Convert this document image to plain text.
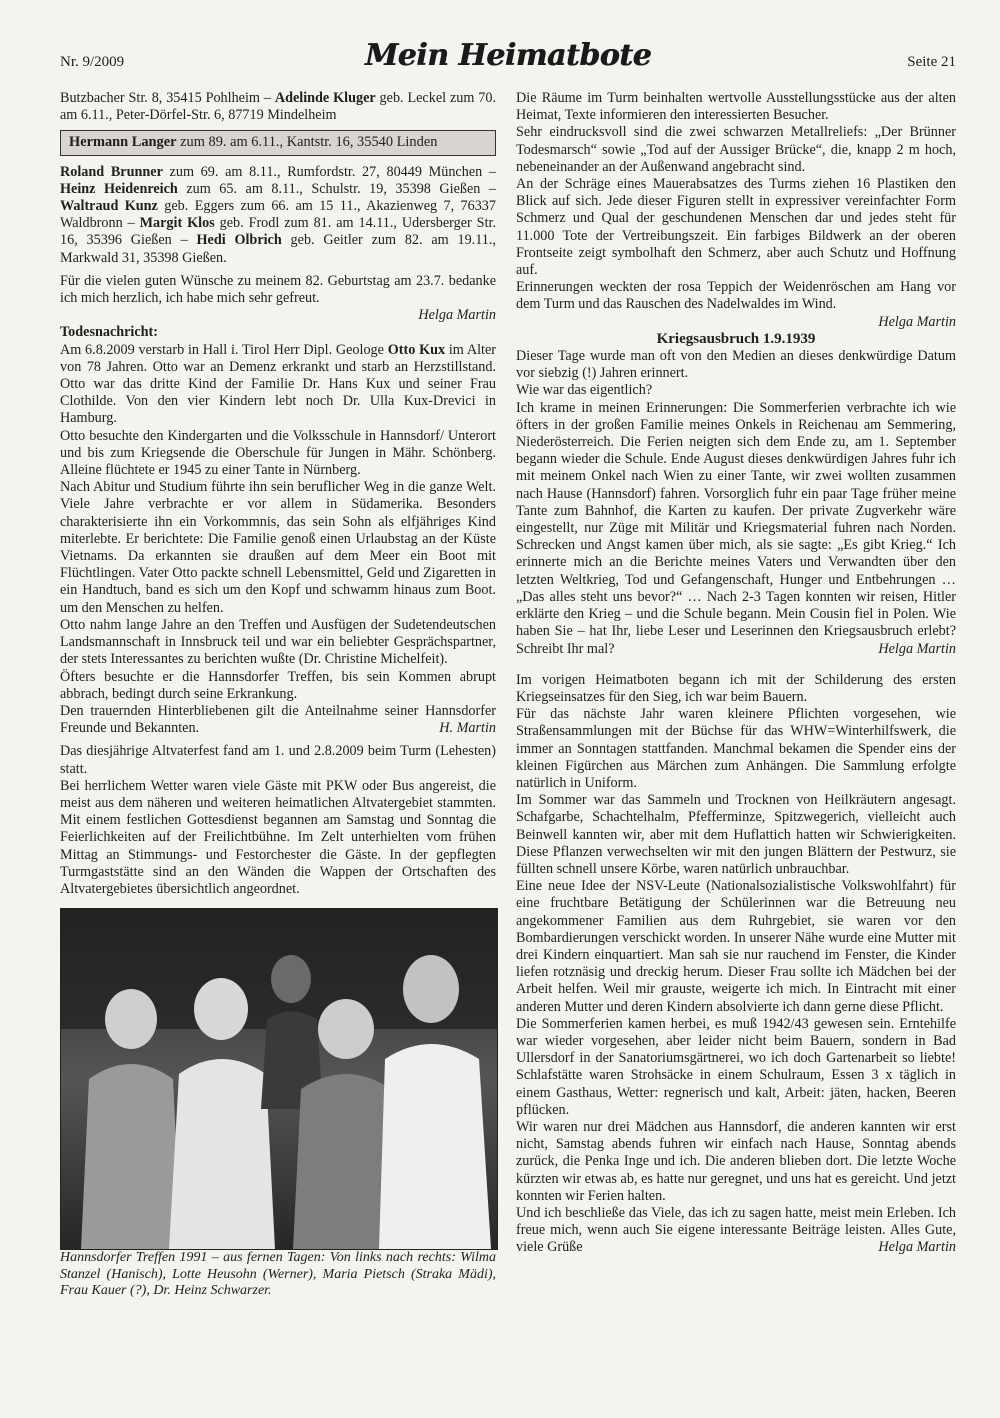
Nr. 9/2009	Mein Heimatbote	Seite 21

Butzbacher Str. 8, 35415 Pohlheim – Adelinde Kluger geb. Leckel zum 70. am 6.11., Peter-Dörfel-Str. 6, 87719 Mindelheim

Hermann Langer zum 89. am 6.11., Kantstr. 16, 35540 Linden

Roland Brunner zum 69. am 8.11., Rumfordstr. 27, 80449 München – Heinz Heidenreich zum 65. am 8.11., Schulstr. 19, 35398 Gießen – Waltraud Kunz geb. Eggers zum 66. am 15 11., Akazienweg 7, 76337 Waldbronn – Margit Klos geb. Frodl zum 81. am 14.11., Udersberger Str. 16, 35396 Gießen – Hedi Olbrich geb. Geitler zum 82. am 19.11., Markwald 31, 35398 Gießen.

Für die vielen guten Wünsche zu meinem 82. Geburtstag am 23.7. bedanke ich mich herzlich, ich habe mich sehr gefreut.

Helga Martin

Todesnachricht:

Am 6.8.2009 verstarb in Hall i. Tirol Herr Dipl. Geologe Otto Kux im Alter von 78 Jahren. Otto war an Demenz erkrankt und starb an Herzstillstand. Otto war das dritte Kind der Familie Dr. Hans Kux und seiner Frau Clothilde. Von den vier Kindern lebt noch Dr. Ulla Kux-Drevici in Hamburg.

Otto besuchte den Kindergarten und die Volksschule in Hannsdorf/ Unterort und bis zum Kriegsende die Oberschule für Jungen in Mähr. Schönberg. Alleine flüchtete er 1945 zu einer Tante in Nürnberg.

Nach Abitur und Studium führte ihn sein beruflicher Weg in die ganze Welt. Viele Jahre verbrachte er vor allem in Südamerika. Besonders charakterisierte ihn ein Vorkommnis, das sein Sohn als elfjähriges Kind miterlebte. Er berichtete: Die Familie genoß einen Urlaubstag an der Küste Vietnams. Da erkannten sie draußen auf dem Meer ein Boot mit Flüchtlingen. Vater Otto packte schnell Lebensmittel, Geld und Zigaretten in ein Handtuch, band es sich um den Kopf und schwamm hinaus zum Boot. um den Menschen zu helfen.

Otto nahm lange Jahre an den Treffen und Ausfügen der Sudetendeutschen Landsmannschaft in Innsbruck teil und war ein beliebter Gesprächspartner, der stets Interessantes zu berichten wußte (Dr. Christine Michelfeit).

Öfters besuchte er die Hannsdorfer Treffen, bis sein Kommen abrupt abbrach, bedingt durch seine Erkrankung.

Den trauernden Hinterbliebenen gilt die Anteilnahme seiner Hannsdorfer Freunde und Bekannten.	H. Martin

Das diesjährige Altvaterfest fand am 1. und 2.8.2009 beim Turm (Lehesten) statt.

Bei herrlichem Wetter waren viele Gäste mit PKW oder Bus angereist, die meist aus dem näheren und weiteren heimatlichen Altvatergebiet stammten. Mit einem festlichen Gottesdienst begannen am Samstag und Sonntag die Feierlichkeiten auf der Freilichtbühne. Im Zelt unterhielten vom frühen Mittag an Stimmungs- und Festorchester die Gäste. In der gepflegten Turmgaststätte sind an den Wänden die Wappen der Ortschaften des Altvatergebietes übersichtlich angeordnet.

Hannsdorfer Treffen 1991 – aus fernen Tagen: Von links nach rechts: Wilma Stanzel (Hanisch), Lotte Heusohn (Werner), Maria Pietsch (Straka Mädi), Frau Kauer (?), Dr. Heinz Schwarzer.

Die Räume im Turm beinhalten wertvolle Ausstellungsstücke aus der alten Heimat, Texte informieren den interessierten Besucher.

Sehr eindrucksvoll sind die zwei schwarzen Metallreliefs: „Der Brünner Todesmarsch“ sowie „Tod auf der Aussiger Brücke“, die, knapp 2 m hoch, nebeneinander an der Außenwand angebracht sind.

An der Schräge eines Mauerabsatzes des Turms ziehen 16 Plastiken den Blick auf sich. Jede dieser Figuren stellt in expressiver vereinfachter Form Schmerz und Qual der geschundenen Menschen dar und jedes steht für 11.000 Tote der Vertreibungszeit. Ein farbiges Bildwerk an der oberen Frontseite zeigt symbolhaft den Schmerz, aber auch Schutz und Hoffnung auf.

Erinnerungen weckten der rosa Teppich der Weidenröschen am Hang vor dem Turm und das Rauschen des Nadelwaldes im Wind.

Helga Martin

Kriegsausbruch 1.9.1939

Dieser Tage wurde man oft von den Medien an dieses denkwürdige Datum vor siebzig (!) Jahren erinnert.

Wie war das eigentlich?

Ich krame in meinen Erinnerungen: Die Sommerferien verbrachte ich wie öfters in der großen Familie meines Onkels in Reichenau am Semmering, Niederösterreich. Die Ferien neigten sich dem Ende zu, am 1. September begann wieder die Schule. Ende August dieses denkwürdigen Jahres fuhr ich mit meinem Onkel nach Wien zu einer Tante, wir zwei wollten zusammen nach Hause (Hannsdorf) fahren. Vorsorglich fuhr ein paar Tage früher meine Tante zum Bahnhof, die Karten zu kaufen. Der private Zugverkehr wäre eingestellt, nur Züge mit Militär und Kriegsmaterial fuhren nach Norden. Schrecken und Angst kamen über mich, als sie sagte: „Es gibt Krieg.“ Ich erinnerte mich an die Berichte meines Vaters und Verwandten über den letzten Weltkrieg, Tod und Gefangenschaft, Hunger und Entbehrungen … „Das alles steht uns bevor?“ … Nach 2-3 Tagen konnten wir reisen, Hitler erklärte den Krieg – und die Schule begann. Mein Cousin fiel in Polen. Wie haben Sie – hat Ihr, liebe Leser und Leserinnen den Kriegsausbruch erlebt? Schreibt Ihr mal?	Helga Martin

Im vorigen Heimatboten begann ich mit der Schilderung des ersten Kriegseinsatzes für den Sieg, ich war beim Bauern.

Für das nächste Jahr waren kleinere Pflichten vorgesehen, wie Straßensammlungen mit der Büchse für das WHW=Winterhilfswerk, die immer an Sonntagen stattfanden. Manchmal bekamen die Spender eins der kleinen Figürchen aus Märchen zum Anhängen. Die Sammlung erfolgte natürlich in Uniform.

Im Sommer war das Sammeln und Trocknen von Heilkräutern angesagt. Schafgarbe, Schachtelhalm, Pfefferminze, Spitzwegerich, vielleicht auch Beinwell kannten wir, aber mit dem Huflattich hatten wir Schwierigkeiten. Diese Pflanzen verwechselten wir mit den jungen Blättern der Pestwurz, sie füllten schnell unsere Körbe, waren natürlich unbrauchbar.

Eine neue Idee der NSV-Leute (Nationalsozialistische Volkswohlfahrt) für eine fruchtbare Betätigung der Schülerinnen war die Betreuung neu angekommener Familien aus dem Ruhrgebiet, sie waren vor den Bombardierungen verschickt worden. In unserer Nähe wurde eine Mutter mit drei Kindern einquartiert. Man sah sie nur rauchend im Fenster, die Kinder liefen rotznäsig und dreckig herum. Dieser Frau sollte ich Mädchen bei der Arbeit helfen. Weil mir grauste, weigerte ich mich. In Eintracht mit einer anderen Mutter und deren Kindern absolvierte ich dann gerne diese Pflicht.

Die Sommerferien kamen herbei, es muß 1942/43 gewesen sein. Erntehilfe war wieder vorgesehen, aber leider nicht beim Bauern, sondern in Bad Ullersdorf in der Sanatoriumsgärtnerei, wo ich doch Gartenarbeit so liebte! Schlafstätte waren Strohsäcke in einem Schulraum, Essen 3 x täglich in einem Gasthaus, Wetter: regnerisch und kalt, Arbeit: jäten, hacken, Beeren pflücken.

Wir waren nur drei Mädchen aus Hannsdorf, die anderen kannten wir erst nicht, Samstag abends fuhren wir einfach nach Hause, Sonntag abends zurück, die Penka Inge und ich. Die anderen blieben dort. Die letzte Woche kürzten wir etwas ab, es hatte nur geregnet, und uns hat es gereicht. Und jetzt konnten wir Ferien halten.

Und ich beschließe das Viele, das ich zu sagen hatte, meist mein Erleben. Ich freue mich, wenn auch Sie eigene interessante Beiträge leisten. Alles Gute, viele Grüße	Helga Martin
